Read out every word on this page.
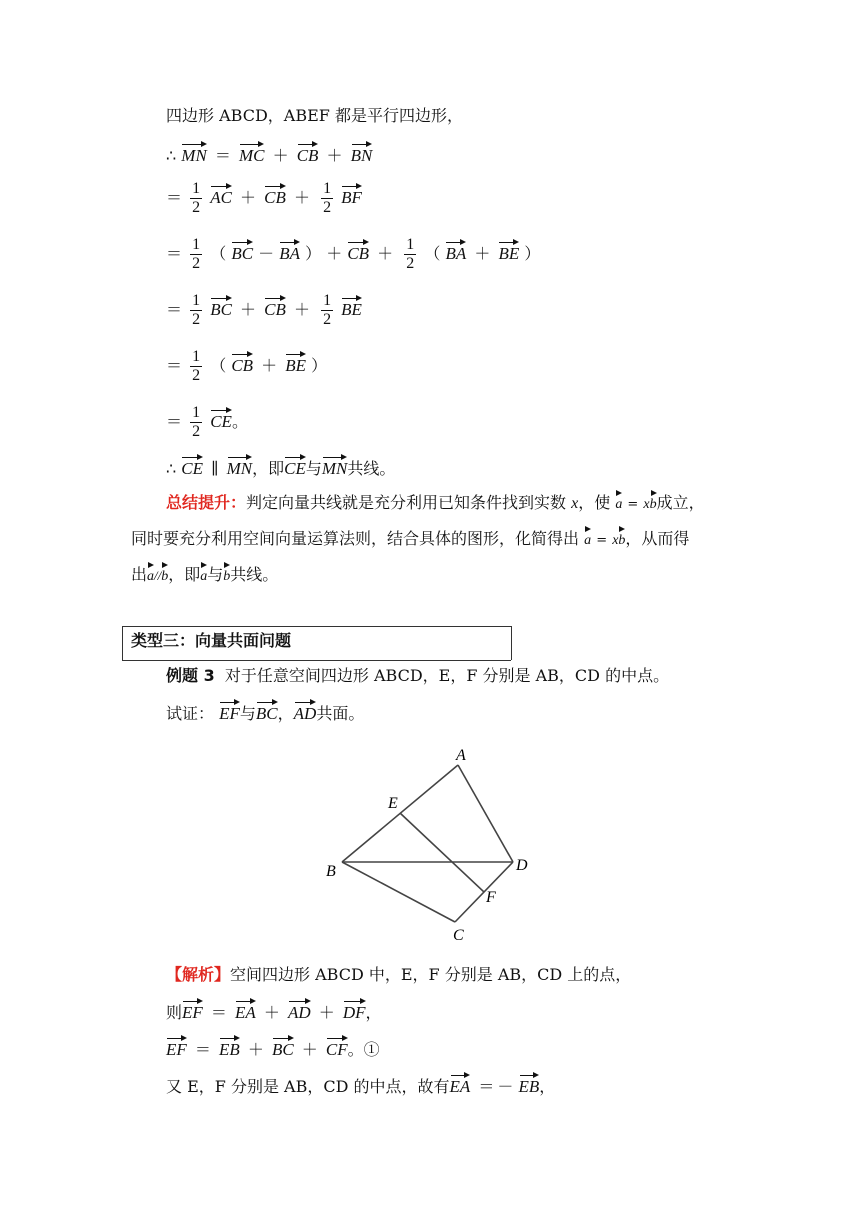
四边形 ABCD，ABEF 都是平行四边形，
∴ MN ＝ MC ＋ CB ＋ BN
＝ $\frac{1}{2}$ AC ＋ CB ＋ $\frac{1}{2}$ BF
＝ $\frac{1}{2}$ （ BC － BA ） ＋ CB ＋ $\frac{1}{2}$ （ BA ＋ BE ）
＝ $\frac{1}{2}$ BC ＋ CB ＋ $\frac{1}{2}$ BE
＝ $\frac{1}{2}$ （ CB ＋ BE ）
＝ $\frac{1}{2}$ CE。
∴ CE ∥ MN，即CE与MN共线。
总结提升：判定向量共线就是充分利用已知条件找到实数 x，使 a = xb成立，
同时要充分利用空间向量运算法则，结合具体的图形，化简得出 a = xb，从而得
出a//b，即a与b共线。
类型三：向量共面问题
例题 3 对于任意空间四边形 ABCD，E，F 分别是 AB，CD 的中点。
试证： EF与BC，AD共面。
A
B
C
D
E
F
【解析】空间四边形 ABCD 中，E，F 分别是 AB，CD 上的点，
则EF ＝ EA ＋ AD ＋ DF，
EF ＝ EB ＋ BC ＋ CF。①
又 E，F 分别是 AB，CD 的中点，故有EA ＝ － EB，
